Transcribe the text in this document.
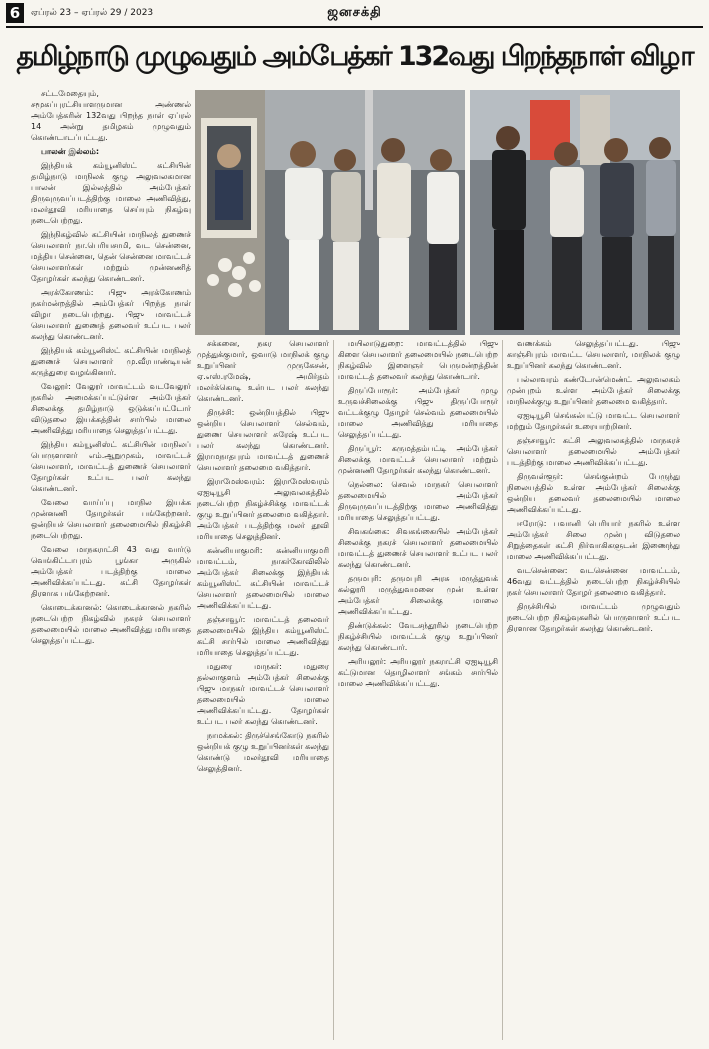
6	ஏப்ரல் 23 – ஏப்ரல் 29 / 2023	ஜனசக்தி
தமிழ்நாடு முழுவதும் அம்பேத்கர் 132வது பிறந்தநாள் விழா

சட்டமேதையும், சமூகப்புரட்சியாளருமான அண்ணல் அம்பேத்கரின் 132வது பிறந்த நாள் ஏப்ரல் 14 அன்று தமிழகம் முழுவதும் கொண்டாடப்பட்டது.

பாலன் இல்லம்:

இந்தியக் கம்யூனிஸ்ட் கட்சியின் தமிழ்நாடு மாநிலக் குழு அலுவலகமான பாலன் இல்லத்தில் அம்பேத்கர் திருவுருவப்படத்திற்கு மாலை அணிவித்து, மலர்தூவி மரியாதை செய்யும் நிகழ்வு நடைபெற்றது.

இந்நிகழ்வில் கட்சியின் மாநிலத் துணைச் செயலாளர் நா.பெரியசாமி, வட சென்னை, மத்திய சென்னை, தென் சென்னை மாவட்டச் செயலாளர்கள் மற்றும் முன்னணித் தோழர்கள் கலந்து கொண்டனர்.

அரக்கோணம்: பிஜு அரக்கோணம் நகர்மன்றத்தில் அம்பேத்கர் பிறந்த நாள் விழா நடைபெற்றது. பிஜு மாவட்டச் செயலாளர் துணைத் தலைவர் உட்பட பலர் கலந்து கொண்டனர்.

இந்தியக் கம்யூனிஸ்ட் கட்சியின் மாநிலத் துணைச் செயலாளர் மு.வீரபாண்டியன் கருத்துரை வழங்கினார்.

வேலூர்: வேலூர் மாவட்டம் வடவேலூர் நகரில் அமைக்கப்பட்டுள்ள அம்பேத்கர் சிலைக்கு தமிழ்நாடு ஒடுக்கப்பட்டோர் விடுதலை இயக்கத்தின் சார்பில் மாலை அணிவித்து மரியாதை செலுத்தப்பட்டது.

இந்திய கம்யூனிஸ்ட் கட்சியின் மாநிலப் பொருளாளர் எம்.ஆறுமுகம், மாவட்டச் செயலாளர், மாவட்டத் துணைச் செயலாளர் தோழர்கள் உட்பட பலர் கலந்து கொண்டனர்.

வேலை வாய்ப்பு மாநில இயக்க முன்னணி தோழர்கள் பங்கேற்றனர். ஒன்றியச் செயலாளர் தலைமையில் நிகழ்ச்சி நடைபெற்றது.

வேலை மாநகராட்சி 43 வது வார்டு வெங்கிட்டாபுரம் பூங்கா அருகில் அம்பேத்கர் படத்திற்கு மாலை அணிவிக்கப்பட்டது. கட்சி தோழர்கள் திரளாக பங்கேற்றனர்.

கொடைக்கானல்: கொடைக்கானல் நகரில் நடைபெற்ற நிகழ்வில் நகரச் செயலாளர் தலைமையில் மாலை அணிவித்து மரியாதை செலுத்தப்பட்டது.

சக்கனை, நகர செயலாளர் முத்துக்குமார், ஒவாடு மாநிலக் குழு உறுப்பினர் முருகேசன், ஏ.எஸ்.ரமேஷ், அமிர்தம் மலர்க்கொடி உள்பட பலர் கலந்து கொண்டனர்.

திருச்சி: ஒன்றியத்தில் பிஜு ஒன்றிய செயலாளர் செல்வம், துணை செயலாளர் சுரேஷ் உட்பட பலர் கலந்து கொண்டனர். இராமநாதபுரம் மாவட்டத் துணைச் செயலாளர் தலைமை வகித்தார்.

இராமேஸ்வரம்: இராமேஸ்வரம் ஏஐடியூசி அலுவலகத்தில் நடைபெற்ற நிகழ்ச்சிக்கு மாவட்டக் குழு உறுப்பினர் தலைமை வகித்தார். அம்பேத்கர் படத்திற்கு மலர் தூவி மரியாதை செலுத்தினர்.

கன்னியாகுமரி: கன்னியாகுமரி மாவட்டம், நாகர்கோவிலில் அம்பேத்கர் சிலைக்கு இந்தியக் கம்யூனிஸ்ட் கட்சியின் மாவட்டச் செயலாளர் தலைமையில் மாலை அணிவிக்கப்பட்டது.

தஞ்சாவூர்: மாவட்டத் தலைவர் தலைமையில் இந்திய கம்யூனிஸ்ட் கட்சி சார்பில் மாலை அணிவித்து மரியாதை செலுத்தப்பட்டது.

மதுரை மாநகர்: மதுரை தல்லாகுளம் அம்பேத்கர் சிலைக்கு பிஜு மாநகர் மாவட்டச் செயலாளர் தலைமையில் மாலை அணிவிக்கப்பட்டது. தோழர்கள் உட்பட பலர் கலந்து கொண்டனர்.

நாமக்கல்: திருச்செங்கோடு நகரில் ஒன்றியக் குழு உறுப்பினர்கள் கலந்து கொண்டு மலர்தூவி மரியாதை செலுத்தினர்.

மயிலாடுதுறை: மாவட்டத்தில் பிஜு கிளை செயலாளர் தலைமையில் நடைபெற்ற நிகழ்வில் இளைஞர் பெருமன்றத்தின் மாவட்டத் தலைவர் கலந்து கொண்டார்.

திருப்போரூர்: அம்பேத்கர் முழு உருவச்சிலைக்கு பிஜு திருப்போரூர் வட்டக்குழு தோழர் செல்வம் தலைமையில் மாலை அணிவித்து மரியாதை செலுத்தப்பட்டது.

திருப்பூர்: கருமத்தம்பட்டி அம்பேத்கர் சிலைக்கு மாவட்டச் செயலாளர் மற்றும் முன்னணி தோழர்கள் கலந்து கொண்டனர்.

நெல்லை: செவல் மாநகர் செயலாளர் தலைமையில் அம்பேத்கர் திருவுருவப்படத்திற்கு மாலை அணிவித்து மரியாதை செலுத்தப்பட்டது.

சிவகங்கை: சிவகங்கையில் அம்பேத்கர் சிலைக்கு நகரச் செயலாளர் தலைமையில் மாவட்டத் துணைச் செயலாளர் உட்பட பலர் கலந்து கொண்டனர்.

தருமபுரி: தருமபுரி அரசு மருத்துவக் கல்லூரி மருத்துவமனை முன் உள்ள அம்பேத்கர் சிலைக்கு மாலை அணிவிக்கப்பட்டது.

திண்டுக்கல்: வேடசந்தூரில் நடைபெற்ற நிகழ்ச்சியில் மாவட்டக் குழு உறுப்பினர் கலந்து கொண்டார்.

அரியலூர்: அரியலூர் நகராட்சி ஏஐடியூசி கட்டுமான தொழிலாளர் சங்கம் சார்பில் மாலை அணிவிக்கப்பட்டது.

வணக்கம் செலுத்தப்பட்டது. பிஜு காஞ்சிபுரம் மாவட்ட செயலாளர், மாநிலக் குழு உறுப்பினர் கலந்து கொண்டனர்.

பல்லாவரம் கண்டோன்மெண்ட் அலுவலகம் முன்புறம் உள்ள அம்பேத்கர் சிலைக்கு மாநிலக்குழு உறுப்பினர் தலைமை வகித்தார்.

ஏஐடியூசி செங்கல்பட்டு மாவட்ட செயலாளர் மற்றும் தோழர்கள் உரையாற்றினர்.

தஞ்சாவூர்: கட்சி அலுவலகத்தில் மாநகரச் செயலாளர் தலைமையில் அம்பேத்கர் படத்திற்கு மாலை அணிவிக்கப்பட்டது.

திருவள்ளூர்: செங்குன்றம் பேருந்து நிலையத்தில் உள்ள அம்பேத்கர் சிலைக்கு ஒன்றிய தலைவர் தலைமையில் மாலை அணிவிக்கப்பட்டது.

ஈரோடு: பவானி பெரியார் நகரில் உள்ள அம்பேத்கர் சிலை முன்பு விடுதலை சிறுத்தைகள் கட்சி நிர்வாகிகளுடன் இணைந்து மாலை அணிவிக்கப்பட்டது.

வடசென்னை: வடசென்னை மாவட்டம், 46வது வட்டத்தில் நடைபெற்ற நிகழ்ச்சியில் நகர் செயலாளர் தோழர் தலைமை வகித்தார்.

திருச்சியில் மாவட்டம் முழுவதும் நடைபெற்ற நிகழ்வுகளில் பொருளாளர் உட்பட திரளான தோழர்கள் கலந்து கொண்டனர்.
